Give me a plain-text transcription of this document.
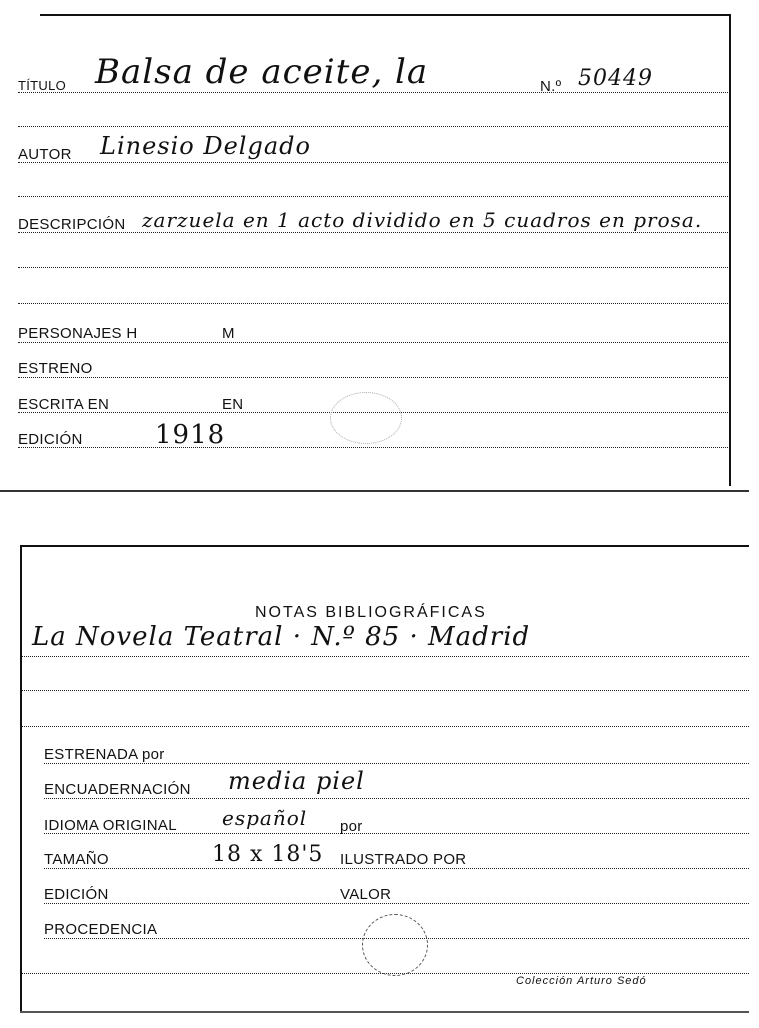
TÍTULO Balsa de aceite, la	N.º 50449
AUTOR Linesio Delgado
DESCRIPCIÓN zarzuela en 1 acto dividido en 5 cuadros en prosa.
PERSONAJES H	M
ESTRENO
ESCRITA EN	EN
EDICIÓN	1918
NOTAS BIBLIOGRÁFICAS
La Novela Teatral · N.º 85 · Madrid
ESTRENADA por
ENCUADERNACIÓN media piel
IDIOMA ORIGINAL español por
TAMAÑO	18 x 18'5 ILUSTRADO POR
EDICIÓN	VALOR
PROCEDENCIA
Colección Arturo Sedó
